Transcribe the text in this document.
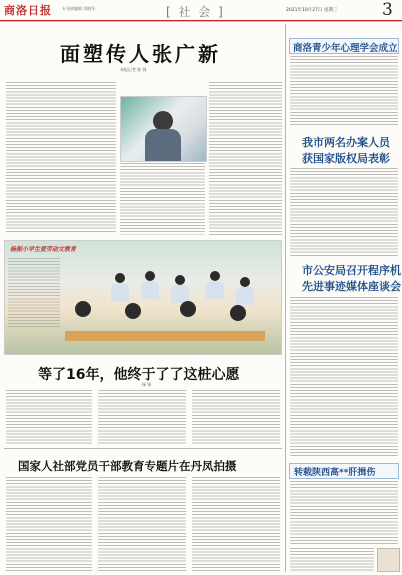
商洛日报	专刊部编辑 刘晓军	[ 社 会 ]	2021年10月27日 星期三	3
面塑传人张广新
本报记者 陈 锋
杨振小学生爱劳动文教育
等了16年，他终于了了这桩心愿
杨 锋
国家人社部党员干部教育专题片在丹凤拍摄
商洛青少年心理学会成立
我市两名办案人员
获国家版权局表彰
市公安局召开程序机
先进事迹媒体座谈会
转载陕西高**肝揖伤
